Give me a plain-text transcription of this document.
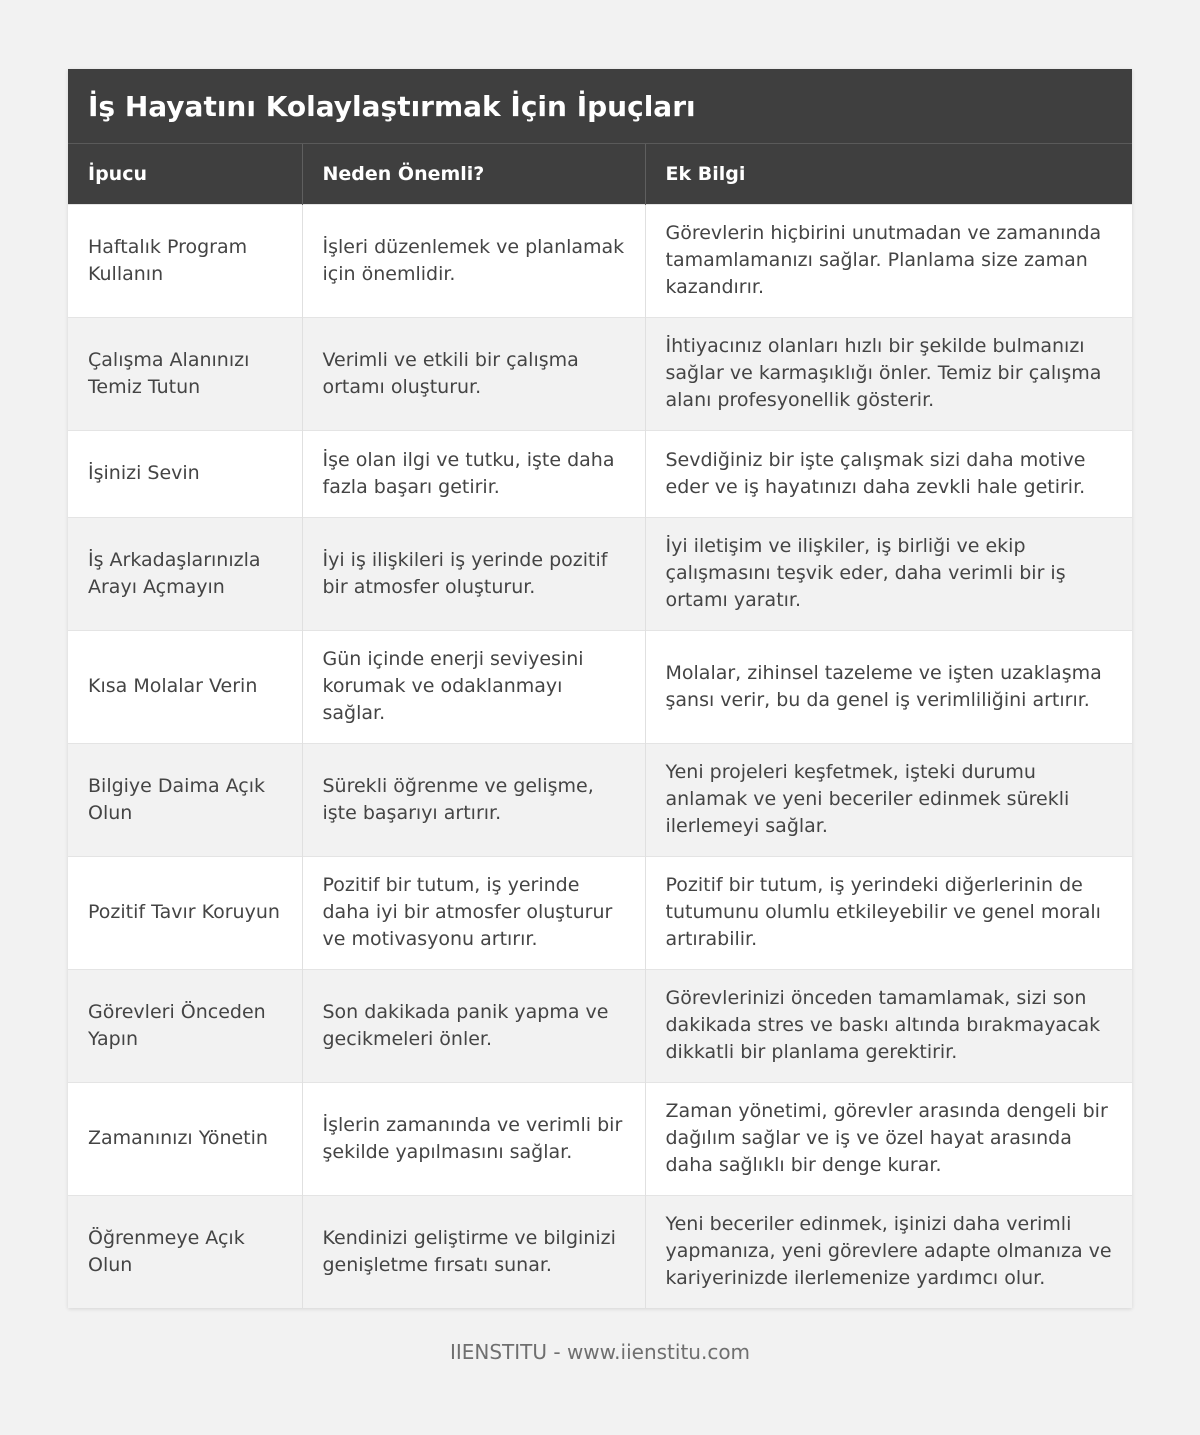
İş Hayatını Kolaylaştırmak İçin İpuçları
İpucu	Neden Önemli?	Ek Bilgi
Haftalık Program Kullanın	İşleri düzenlemek ve planlamak için önemlidir.	Görevlerin hiçbirini unutmadan ve zamanında tamamlamanızı sağlar. Planlama size zaman kazandırır.
Çalışma Alanınızı Temiz Tutun	Verimli ve etkili bir çalışma ortamı oluşturur.	İhtiyacınız olanları hızlı bir şekilde bulmanızı sağlar ve karmaşıklığı önler. Temiz bir çalışma alanı profesyonellik gösterir.
İşinizi Sevin	İşe olan ilgi ve tutku, işte daha fazla başarı getirir.	Sevdiğiniz bir işte çalışmak sizi daha motive eder ve iş hayatınızı daha zevkli hale getirir.
İş Arkadaşlarınızla Arayı Açmayın	İyi iş ilişkileri iş yerinde pozitif bir atmosfer oluşturur.	İyi iletişim ve ilişkiler, iş birliği ve ekip çalışmasını teşvik eder, daha verimli bir iş ortamı yaratır.
Kısa Molalar Verin	Gün içinde enerji seviyesini korumak ve odaklanmayı sağlar.	Molalar, zihinsel tazeleme ve işten uzaklaşma şansı verir, bu da genel iş verimliliğini artırır.
Bilgiye Daima Açık Olun	Sürekli öğrenme ve gelişme, işte başarıyı artırır.	Yeni projeleri keşfetmek, işteki durumu anlamak ve yeni beceriler edinmek sürekli ilerlemeyi sağlar.
Pozitif Tavır Koruyun	Pozitif bir tutum, iş yerinde daha iyi bir atmosfer oluşturur ve motivasyonu artırır.	Pozitif bir tutum, iş yerindeki diğerlerinin de tutumunu olumlu etkileyebilir ve genel moralı artırabilir.
Görevleri Önceden Yapın	Son dakikada panik yapma ve gecikmeleri önler.	Görevlerinizi önceden tamamlamak, sizi son dakikada stres ve baskı altında bırakmayacak dikkatli bir planlama gerektirir.
Zamanınızı Yönetin	İşlerin zamanında ve verimli bir şekilde yapılmasını sağlar.	Zaman yönetimi, görevler arasında dengeli bir dağılım sağlar ve iş ve özel hayat arasında daha sağlıklı bir denge kurar.
Öğrenmeye Açık Olun	Kendinizi geliştirme ve bilginizi genişletme fırsatı sunar.	Yeni beceriler edinmek, işinizi daha verimli yapmanıza, yeni görevlere adapte olmanıza ve kariyerinizde ilerlemenize yardımcı olur.
IIENSTITU - www.iienstitu.com
